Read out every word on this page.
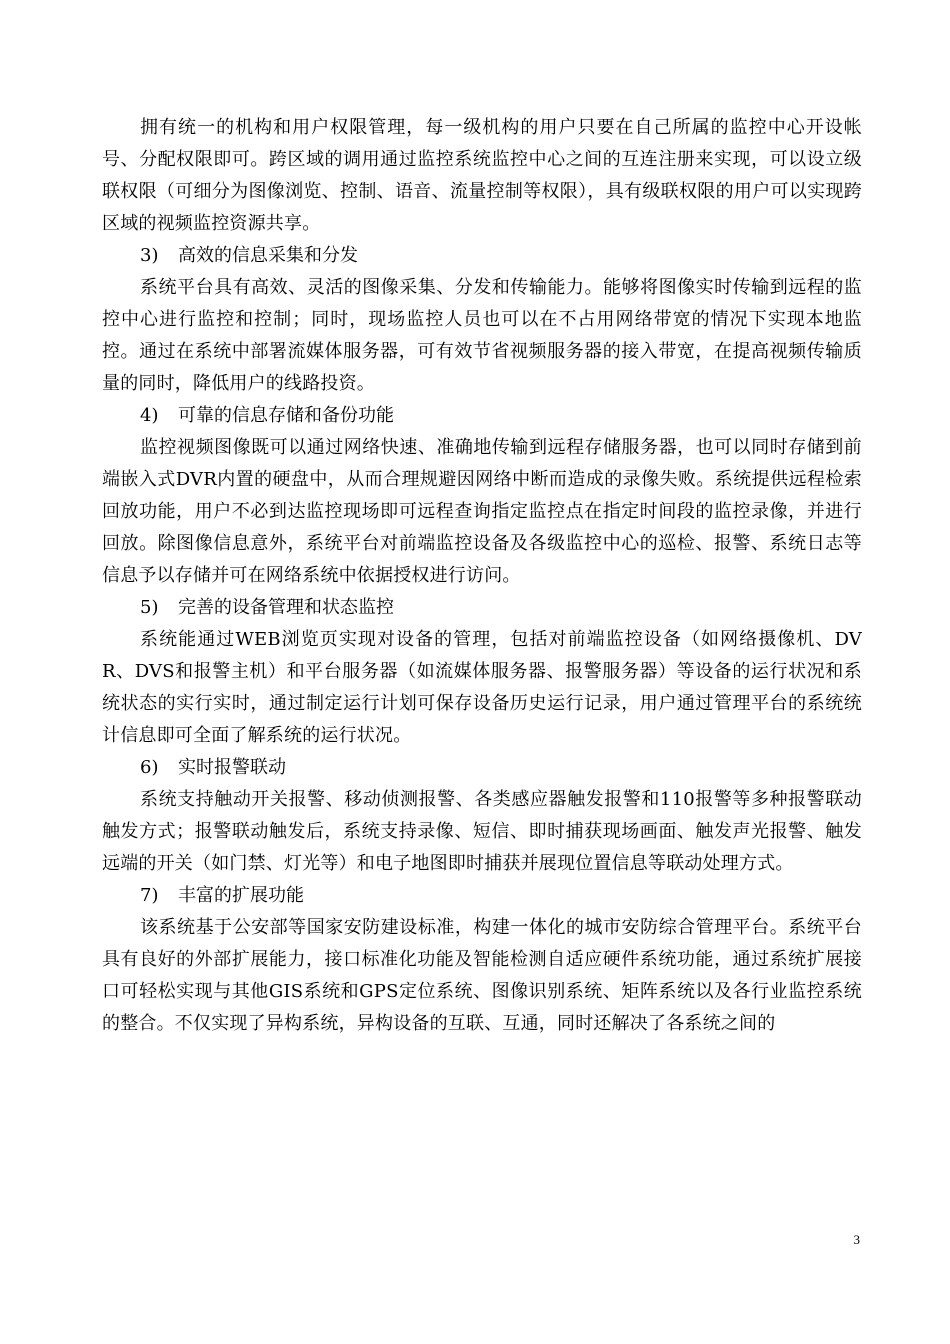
拥有统一的机构和用户权限管理，每一级机构的用户只要在自己所属的监控中心开设帐号、分配权限即可。跨区域的调用通过监控系统监控中心之间的互连注册来实现，可以设立级联权限（可细分为图像浏览、控制、语音、流量控制等权限），具有级联权限的用户可以实现跨区域的视频监控资源共享。

3) 高效的信息采集和分发

系统平台具有高效、灵活的图像采集、分发和传输能力。能够将图像实时传输到远程的监控中心进行监控和控制；同时，现场监控人员也可以在不占用网络带宽的情况下实现本地监控。通过在系统中部署流媒体服务器，可有效节省视频服务器的接入带宽，在提高视频传输质量的同时，降低用户的线路投资。

4) 可靠的信息存储和备份功能

监控视频图像既可以通过网络快速、准确地传输到远程存储服务器，也可以同时存储到前端嵌入式DVR内置的硬盘中，从而合理规避因网络中断而造成的录像失败。系统提供远程检索回放功能，用户不必到达监控现场即可远程查询指定监控点在指定时间段的监控录像，并进行回放。除图像信息意外，系统平台对前端监控设备及各级监控中心的巡检、报警、系统日志等信息予以存储并可在网络系统中依据授权进行访问。

5) 完善的设备管理和状态监控

系统能通过WEB浏览页实现对设备的管理，包括对前端监控设备（如网络摄像机、DVR、DVS和报警主机）和平台服务器（如流媒体服务器、报警服务器）等设备的运行状况和系统状态的实行实时，通过制定运行计划可保存设备历史运行记录，用户通过管理平台的系统统计信息即可全面了解系统的运行状况。

6) 实时报警联动

系统支持触动开关报警、移动侦测报警、各类感应器触发报警和110报警等多种报警联动触发方式；报警联动触发后，系统支持录像、短信、即时捕获现场画面、触发声光报警、触发远端的开关（如门禁、灯光等）和电子地图即时捕获并展现位置信息等联动处理方式。

7) 丰富的扩展功能

该系统基于公安部等国家安防建设标准，构建一体化的城市安防综合管理平台。系统平台具有良好的外部扩展能力，接口标准化功能及智能检测自适应硬件系统功能，通过系统扩展接口可轻松实现与其他GIS系统和GPS定位系统、图像识别系统、矩阵系统以及各行业监控系统的整合。不仅实现了异构系统，异构设备的互联、互通，同时还解决了各系统之间的

3
